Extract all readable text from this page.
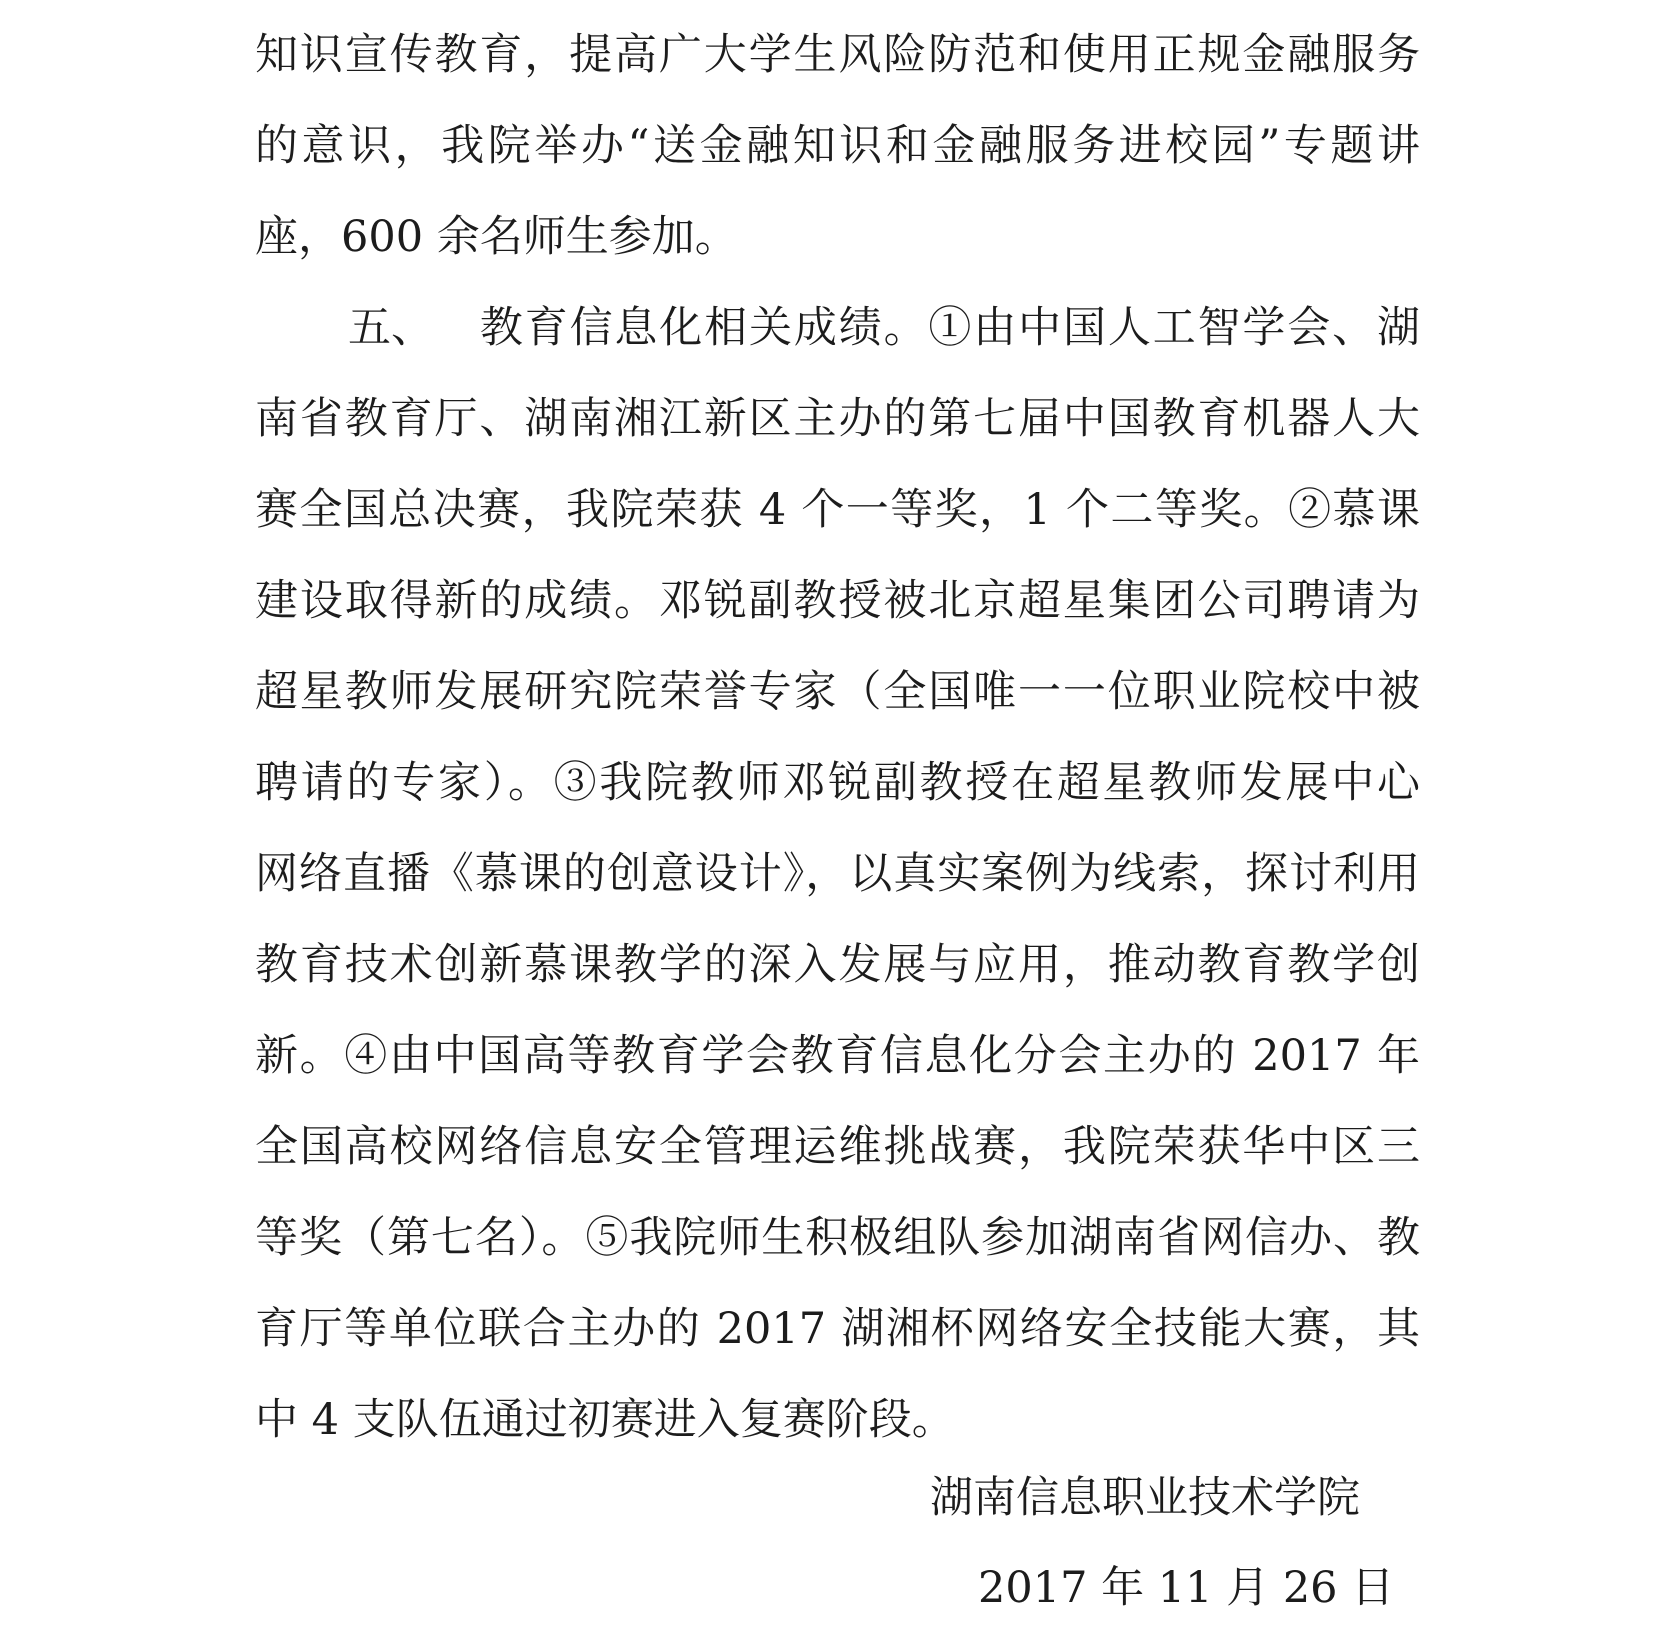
知识宣传教育，提高广大学生风险防范和使用正规金融服务
的意识，我院举办“送金融知识和金融服务进校园”专题讲
座，600 余名师生参加。
五、 教育信息化相关成绩。①由中国人工智学会、湖
南省教育厅、湖南湘江新区主办的第七届中国教育机器人大
赛全国总决赛，我院荣获 4 个一等奖，1 个二等奖。②慕课
建设取得新的成绩。邓锐副教授被北京超星集团公司聘请为
超星教师发展研究院荣誉专家（全国唯一一位职业院校中被
聘请的专家）。③我院教师邓锐副教授在超星教师发展中心
网络直播《慕课的创意设计》，以真实案例为线索，探讨利用
教育技术创新慕课教学的深入发展与应用，推动教育教学创
新。④由中国高等教育学会教育信息化分会主办的 2017 年
全国高校网络信息安全管理运维挑战赛，我院荣获华中区三
等奖（第七名）。⑤我院师生积极组队参加湖南省网信办、教
育厅等单位联合主办的 2017 湖湘杯网络安全技能大赛，其
中 4 支队伍通过初赛进入复赛阶段。
湖南信息职业技术学院
2017 年 11 月 26 日
